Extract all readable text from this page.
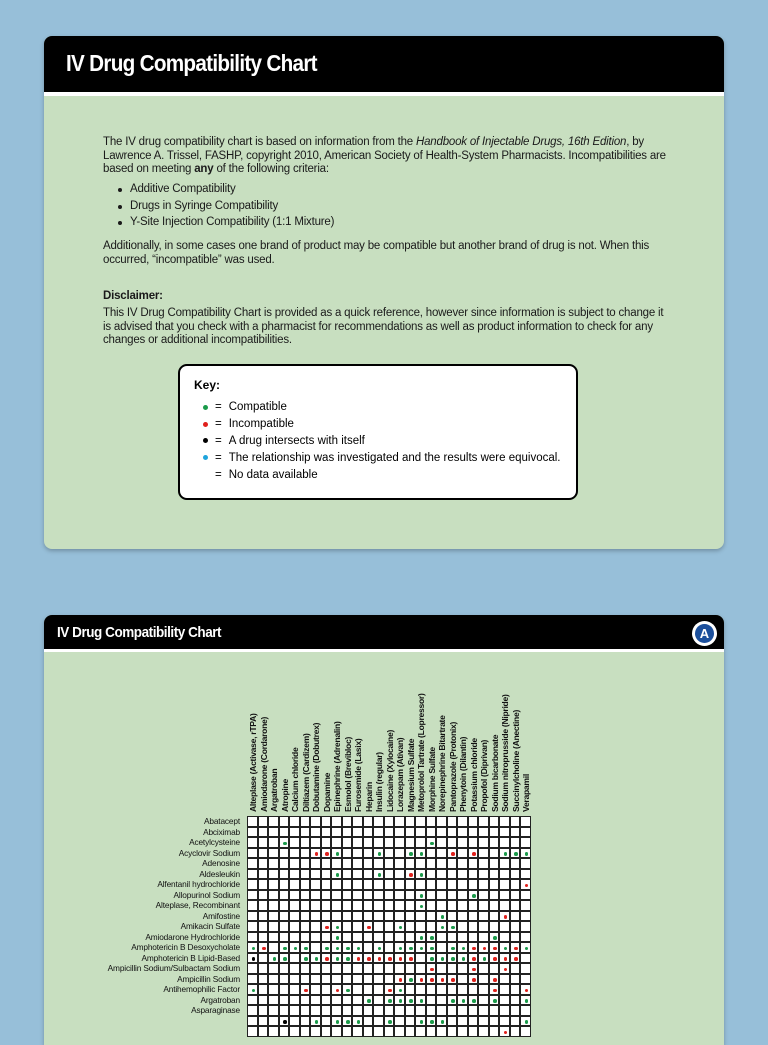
IV Drug Compatibility Chart
The IV drug compatibility chart is based on information from the Handbook of Injectable Drugs, 16th Edition, by Lawrence A. Trissel, FASHP, copyright 2010, American Society of Health-System Pharmacists. Incompatibilities are based on meeting any of the following criteria:
Additive Compatibility
Drugs in Syringe Compatibility
Y-Site Injection Compatibility (1:1 Mixture)
Additionally, in some cases one brand of product may be compatible but another brand of drug is not. When this occurred, “incompatible” was used.
Disclaimer:
This IV Drug Compatibility Chart is provided as a quick reference, however since information is subject to change it is advised that you check with a pharmacist for recommendations as well as product information to check for any changes or additional incompatibilities.
Key:
= Compatible
= Incompatible
= A drug intersects with itself
= The relationship was investigated and the results were equivocal.
= No data available
IV Drug Compatibility Chart	A
Alteplase (Activase, rTPA) Amiodarone (Cordarone) Argatroban Atropine Calcium chloride Diltiazem (Cardizem) Dobutamine (Dobutrex) Dopamine Epinephrine (Adrenalin) Esmolol (Brevibloc) Furosemide (Lasix) Heparin Insulin (regular) Lidocaine (Xylocaine) Lorazepam (Ativan) Magnesium Sulfate Metoprolol Tartrate (Lopressor) Morphine Sulfate Norepinephrine Bitartrate Pantoprazole (Protonix) Phenytoin (Dilantin) Potassium chloride Propofol (Diprivan) Sodium bicarbonate Sodium nitroprusside (Nipride) Succinylcholine (Anectine) Verapamil
Abatacept
Abciximab
Acetylcysteine
Acyclovir Sodium
Adenosine
Aldesleukin
Alfentanil hydrochloride
Allopurinol Sodium
Alteplase, Recombinant
Amifostine
Amikacin Sulfate
Amiodarone Hydrochloride
Amphotericin B Desoxycholate
Amphotericin B Lipid-Based
Ampicillin Sodium/Sulbactam Sodium
Ampicillin Sodium
Antihemophilic Factor
Argatroban
Asparaginase
